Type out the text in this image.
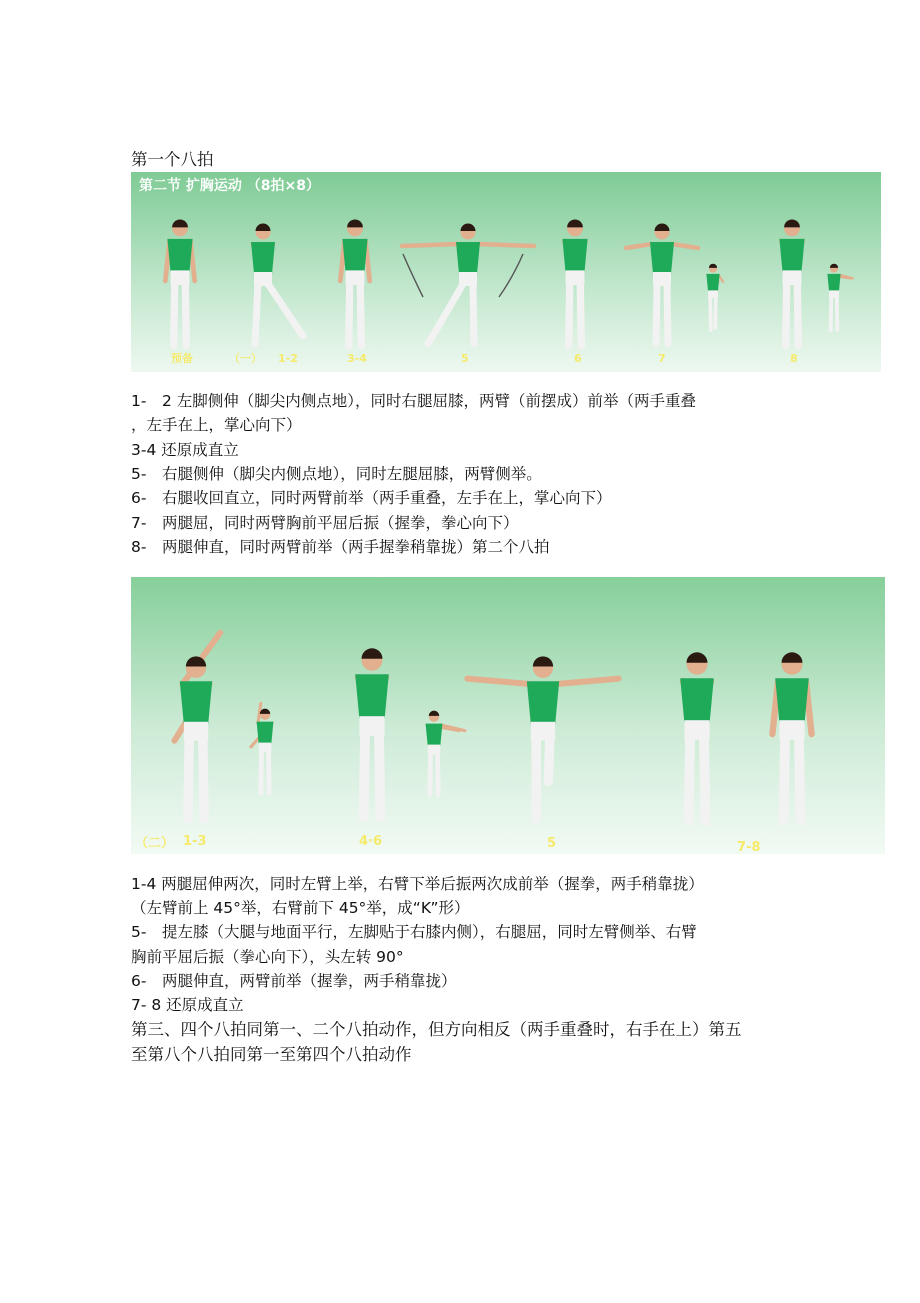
第一个八拍
第二节 扩胸运动 （8拍×8）
预备	（一） 1-2	3-4	5	6	7	8
1-　2 左脚侧伸（脚尖内侧点地），同时右腿屈膝，两臂（前摆成）前举（两手重叠
，左手在上，掌心向下）
3-4 还原成直立
5-　右腿侧伸（脚尖内侧点地），同时左腿屈膝，两臂侧举。
6-　右腿收回直立，同时两臂前举（两手重叠，左手在上，掌心向下）
7-　两腿屈，同时两臂胸前平屈后振（握拳，拳心向下）
8-　两腿伸直，同时两臂前举（两手握拳稍靠拢）第二个八拍
（二） 1-3	4·6	5	7-8
1-4 两腿屈伸两次，同时左臂上举，右臂下举后振两次成前举（握拳，两手稍靠拢）
（左臂前上 45°举，右臂前下 45°举，成“K”形）
5-　提左膝（大腿与地面平行，左脚贴于右膝内侧），右腿屈，同时左臂侧举、右臂
胸前平屈后振（拳心向下），头左转 90°
6-　两腿伸直，两臂前举（握拳，两手稍靠拢）
7- 8 还原成直立
第三、四个八拍同第一、二个八拍动作，但方向相反（两手重叠时，右手在上）第五
至第八个八拍同第一至第四个八拍动作
